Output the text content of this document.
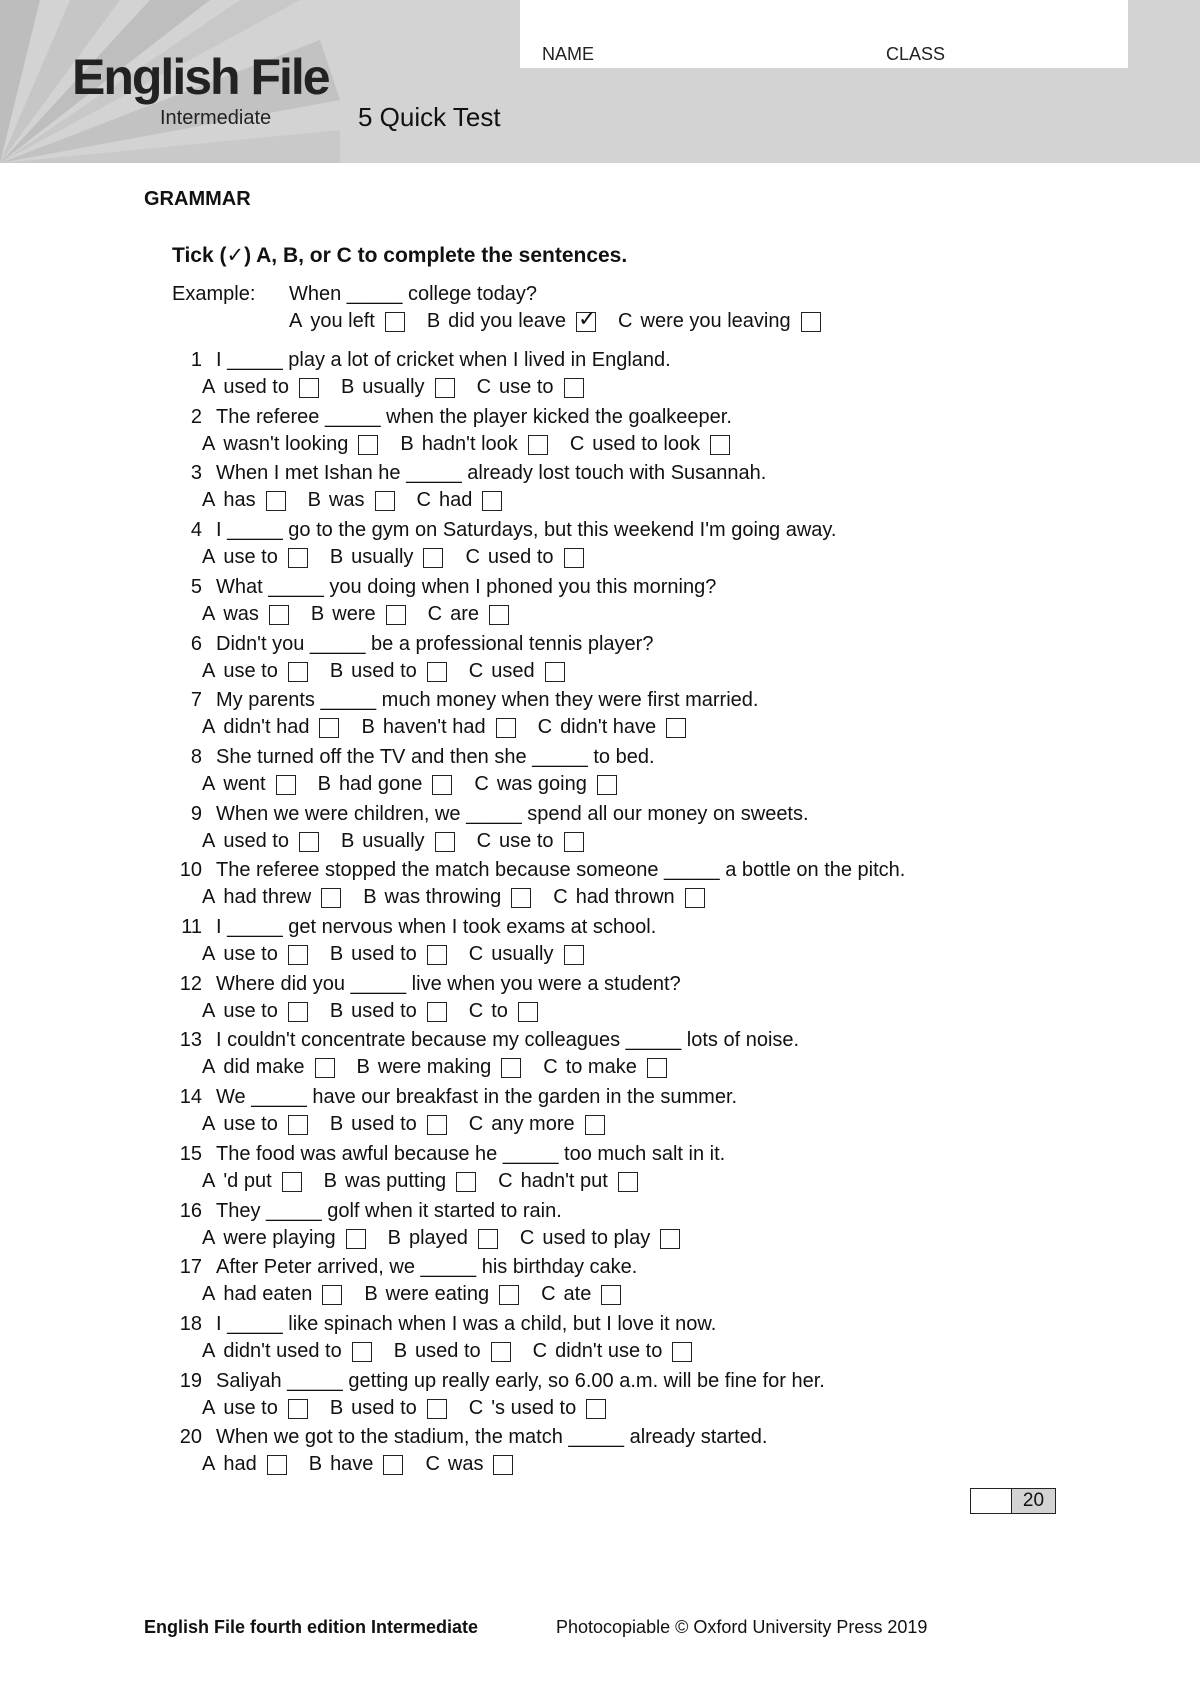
English File
Intermediate	5 Quick Test
NAME	CLASS
GRAMMAR
Tick (✓) A, B, or C to complete the sentences.
Example: When _____ college today?
A you left	B did you leave
✓	C were you leaving
1 I _____ play a lot of cricket when I lived in England.
A used to	B usually	C use to
2 The referee _____ when the player kicked the goalkeeper.
A wasn't looking	B hadn't look	C used to look
3 When I met Ishan he _____ already lost touch with Susannah.
A has	B was	C had
4 I _____ go to the gym on Saturdays, but this weekend I'm going away.
A use to	B usually	C used to
5 What _____ you doing when I phoned you this morning?
A was	B were	C are
6 Didn't you _____ be a professional tennis player?
A use to	B used to	C used
7 My parents _____ much money when they were first married.
A didn't had	B haven't had	C didn't have
8 She turned off the TV and then she _____ to bed.
A went	B had gone	C was going
9 When we were children, we _____ spend all our money on sweets.
A used to	B usually	C use to
10 The referee stopped the match because someone _____ a bottle on the pitch.
A had threw	B was throwing	C had thrown
11 I _____ get nervous when I took exams at school.
A use to	B used to	C usually
12 Where did you _____ live when you were a student?
A use to	B used to	C to
13 I couldn't concentrate because my colleagues _____ lots of noise.
A did make	B were making	C to make
14 We _____ have our breakfast in the garden in the summer.
A use to	B used to	C any more
15 The food was awful because he _____ too much salt in it.
A 'd put	B was putting	C hadn't put
16 They _____ golf when it started to rain.
A were playing	B played	C used to play
17 After Peter arrived, we _____ his birthday cake.
A had eaten	B were eating	C ate
18 I _____ like spinach when I was a child, but I love it now.
A didn't used to	B used to	C didn't use to
19 Saliyah _____ getting up really early, so 6.00 a.m. will be fine for her.
A use to	B used to	C 's used to
20 When we got to the stadium, the match _____ already started.
A had	B have	C was
20
English File fourth edition Intermediate	Photocopiable © Oxford University Press 2019
